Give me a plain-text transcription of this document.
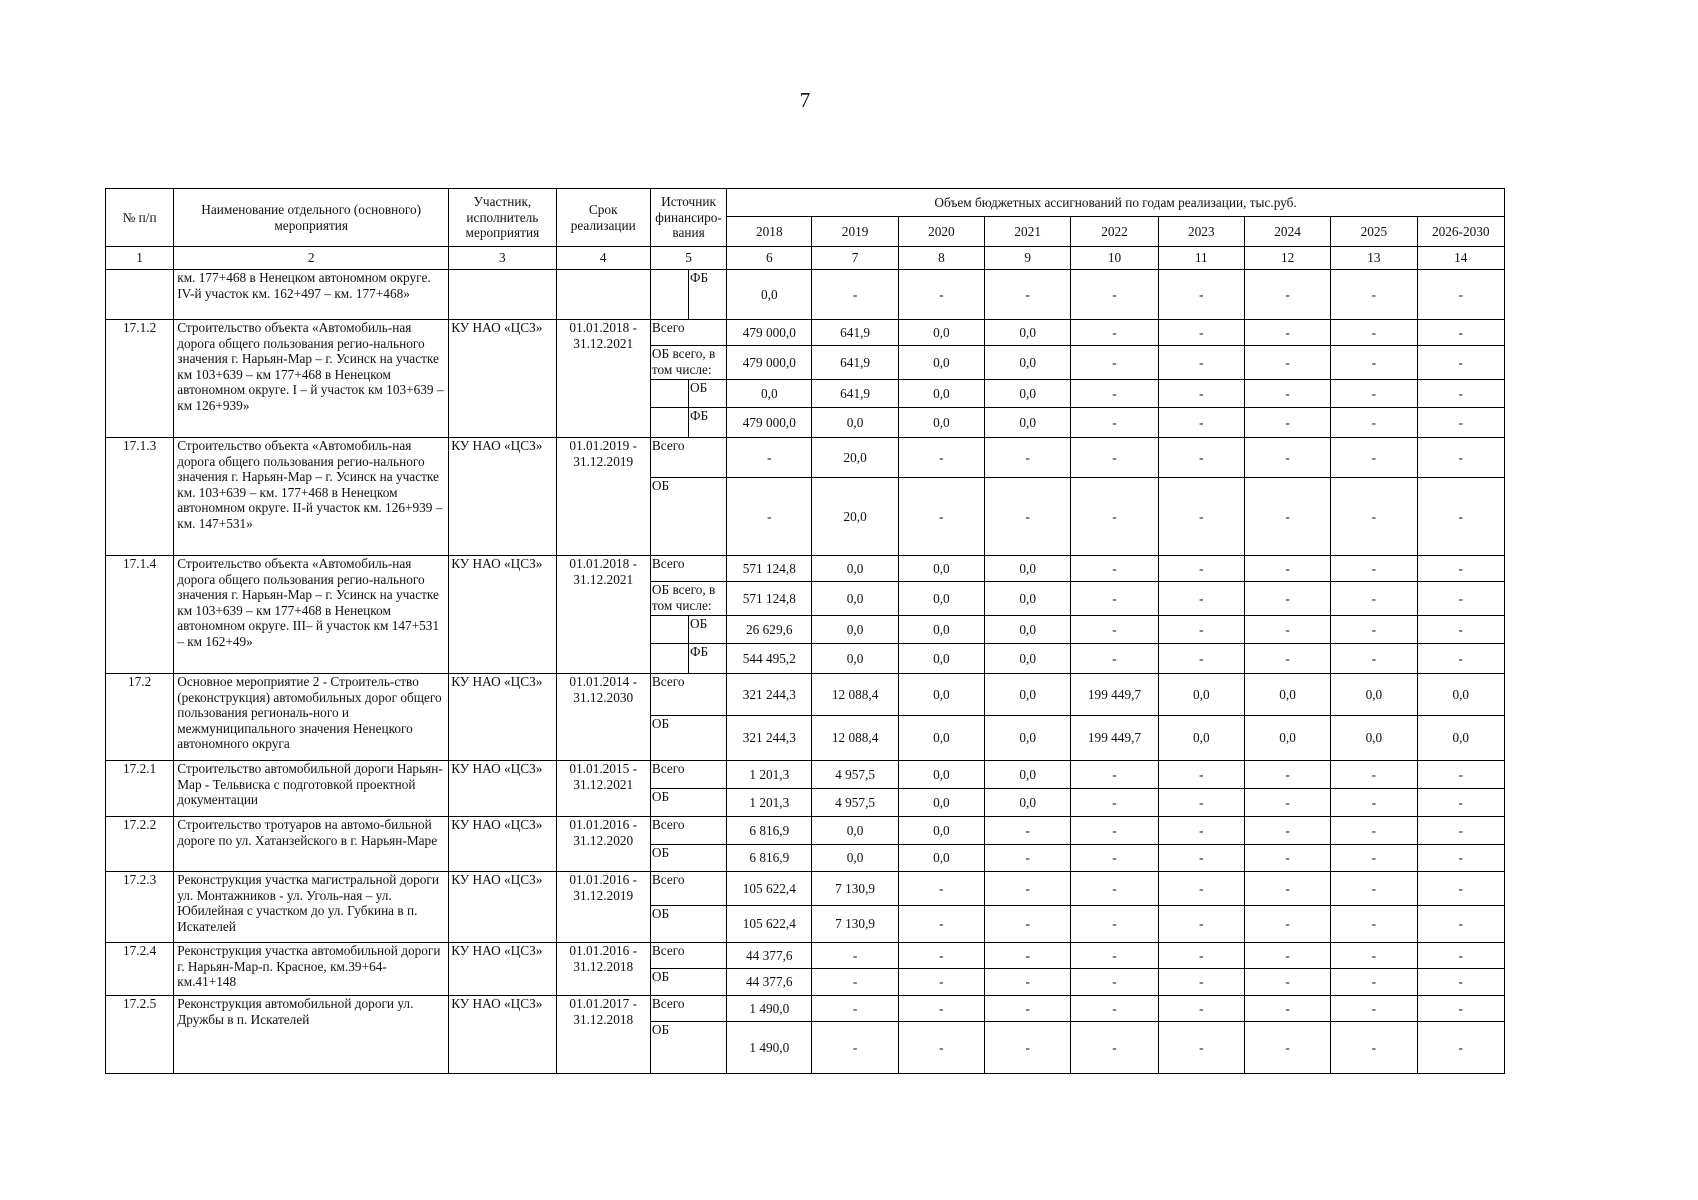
7
№ п/п	Наименование отдельного (основного) мероприятия	Участник, исполнитель мероприятия	Срок реализации	Источник финансиро-вания		Объем бюджетных ассигнований по годам реализации, тыс.руб.								
						2018	2019	2020	2021	2022	2023	2024	2025	2026-2030
1	2	3	4	5		6	7	8	9	10	11	12	13	14
	км. 177+468 в Ненецком автономном округе. IV-й участок км. 162+497 – км. 177+468»				ФБ	0,0	-	-	-	-	-	-	-	-
17.1.2	Строительство объекта «Автомобиль-ная дорога общего пользования регио-нального значения г. Нарьян-Мар – г. Усинск на участке км 103+639 – км 177+468 в Ненецком автономном округе. I – й участок км 103+639 – км 126+939»	КУ НАО «ЦСЗ»	01.01.2018 - 31.12.2021	Всего		479 000,0	641,9	0,0	0,0	-	-	-	-	-
				ОБ всего, в том числе:		479 000,0	641,9	0,0	0,0	-	-	-	-	-
					ОБ	0,0	641,9	0,0	0,0	-	-	-	-	-
					ФБ	479 000,0	0,0	0,0	0,0	-	-	-	-	-
17.1.3	Строительство объекта «Автомобиль-ная дорога общего пользования регио-нального значения г. Нарьян-Мар – г. Усинск на участке км. 103+639 – км. 177+468 в Ненецком автономном округе. II-й участок км. 126+939 – км. 147+531»	КУ НАО «ЦСЗ»	01.01.2019 - 31.12.2019	Всего		-	20,0	-	-	-	-	-	-	-
				ОБ		-	20,0	-	-	-	-	-	-	-
17.1.4	Строительство объекта «Автомобиль-ная дорога общего пользования регио-нального значения г. Нарьян-Мар – г. Усинск на участке км 103+639 – км 177+468 в Ненецком автономном округе. III– й участок км 147+531 – км 162+49»	КУ НАО «ЦСЗ»	01.01.2018 - 31.12.2021	Всего		571 124,8	0,0	0,0	0,0	-	-	-	-	-
				ОБ всего, в том числе:		571 124,8	0,0	0,0	0,0	-	-	-	-	-
					ОБ	26 629,6	0,0	0,0	0,0	-	-	-	-	-
					ФБ	544 495,2	0,0	0,0	0,0	-	-	-	-	-
17.2	Основное мероприятие 2 - Строитель-ство (реконструкция) автомобильных дорог общего пользования региональ-ного и межмуниципального значения Ненецкого автономного округа	КУ НАО «ЦСЗ»	01.01.2014 - 31.12.2030	Всего		321 244,3	12 088,4	0,0	0,0	199 449,7	0,0	0,0	0,0	0,0
				ОБ		321 244,3	12 088,4	0,0	0,0	199 449,7	0,0	0,0	0,0	0,0
17.2.1	Строительство автомобильной дороги Нарьян-Мар - Тельвиска с подготовкой проектной документации	КУ НАО «ЦСЗ»	01.01.2015 - 31.12.2021	Всего		1 201,3	4 957,5	0,0	0,0	-	-	-	-	-
				ОБ		1 201,3	4 957,5	0,0	0,0	-	-	-	-	-
17.2.2	Строительство тротуаров на автомо-бильной дороге по ул. Хатанзейского в г. Нарьян-Маре	КУ НАО «ЦСЗ»	01.01.2016 - 31.12.2020	Всего		6 816,9	0,0	0,0	-	-	-	-	-	-
				ОБ		6 816,9	0,0	0,0	-	-	-	-	-	-
17.2.3	Реконструкция участка магистральной дороги ул. Монтажников - ул. Уголь-ная – ул. Юбилейная с участком до ул. Губкина в п. Искателей	КУ НАО «ЦСЗ»	01.01.2016 - 31.12.2019	Всего		105 622,4	7 130,9	-	-	-	-	-	-	-
				ОБ		105 622,4	7 130,9	-	-	-	-	-	-	-
17.2.4	Реконструкция участка автомобильной дороги г. Нарьян-Мар-п. Красное, км.39+64-км.41+148	КУ НАО «ЦСЗ»	01.01.2016 - 31.12.2018	Всего		44 377,6	-	-	-	-	-	-	-	-
				ОБ		44 377,6	-	-	-	-	-	-	-	-
17.2.5	Реконструкция автомобильной дороги ул. Дружбы в п. Искателей	КУ НАО «ЦСЗ»	01.01.2017 - 31.12.2018	Всего		1 490,0	-	-	-	-	-	-	-	-
				ОБ		1 490,0	-	-	-	-	-	-	-	-
